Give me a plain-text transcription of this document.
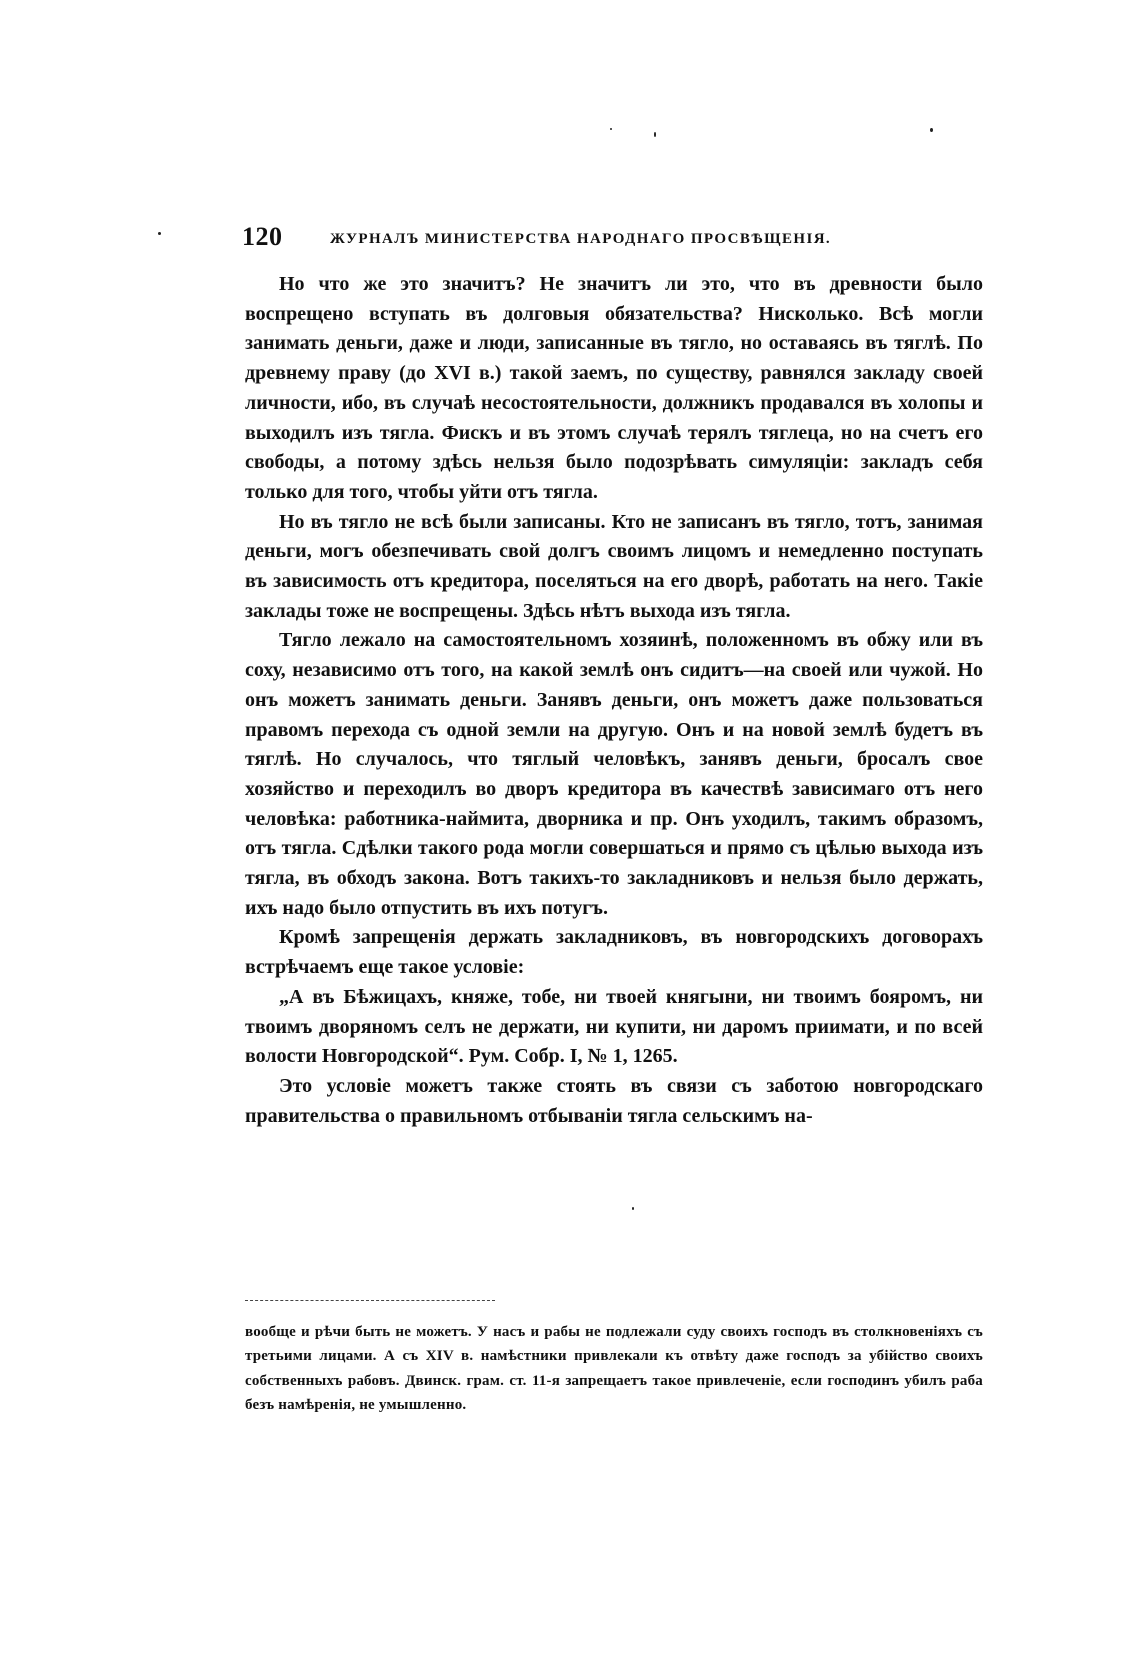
120	ЖУРНАЛЪ МИНИСТЕРСТВА НАРОДНАГО ПРОСВѢЩЕНІЯ.

Но что же это значитъ? Не значитъ ли это, что въ древности было воспрещено вступать въ долговыя обязательства? Нисколько. Всѣ могли занимать деньги, даже и люди, записанные въ тягло, но оставаясь въ тяглѣ. По древнему праву (до XVI в.) такой заемъ, по существу, равнялся закладу своей личности, ибо, въ случаѣ несостоятельности, должникъ продавался въ холопы и выходилъ изъ тягла. Фискъ и въ этомъ случаѣ терялъ тяглеца, но на счетъ его свободы, а потому здѣсь нельзя было подозрѣвать симуляціи: закладъ себя только для того, чтобы уйти отъ тягла.

Но въ тягло не всѣ были записаны. Кто не записанъ въ тягло, тотъ, занимая деньги, могъ обезпечивать свой долгъ своимъ лицомъ и немедленно поступать въ зависимость отъ кредитора, поселяться на его дворѣ, работать на него. Такіе заклады тоже не воспрещены. Здѣсь нѣтъ выхода изъ тягла.

Тягло лежало на самостоятельномъ хозяинѣ, положенномъ въ обжу или въ соху, независимо отъ того, на какой землѣ онъ сидитъ—на своей или чужой. Но онъ можетъ занимать деньги. Занявъ деньги, онъ можетъ даже пользоваться правомъ перехода съ одной земли на другую. Онъ и на новой землѣ будетъ въ тяглѣ. Но случалось, что тяглый человѣкъ, занявъ деньги, бросалъ свое хозяйство и переходилъ во дворъ кредитора въ качествѣ зависимаго отъ него человѣка: работника-наймита, дворника и пр. Онъ уходилъ, такимъ образомъ, отъ тягла. Сдѣлки такого рода могли совершаться и прямо съ цѣлью выхода изъ тягла, въ обходъ закона. Вотъ такихъ-то закладниковъ и нельзя было держать, ихъ надо было отпустить въ ихъ потугъ.

Кромѣ запрещенія держать закладниковъ, въ новгородскихъ договорахъ встрѣчаемъ еще такое условіе:

„А въ Бѣжицахъ, княже, тобе, ни твоей княгыни, ни твоимъ бояромъ, ни твоимъ дворяномъ селъ не держати, ни купити, ни даромъ приимати, и по всей волости Новгородской“. Рум. Собр. I, № 1, 1265.

Это условіе можетъ также стоять въ связи съ заботою новгородскаго правительства о правильномъ отбываніи тягла сельскимъ на-

вообще и рѣчи быть не можетъ. У насъ и рабы не подлежали суду своихъ господъ въ столкновеніяхъ съ третьими лицами. А съ XIV в. намѣстники привлекали къ отвѣту даже господъ за убійство своихъ собственныхъ рабовъ. Двинск. грам. ст. 11-я запрещаетъ такое привлеченіе, если господинъ убилъ раба безъ намѣренія, не умышленно.
